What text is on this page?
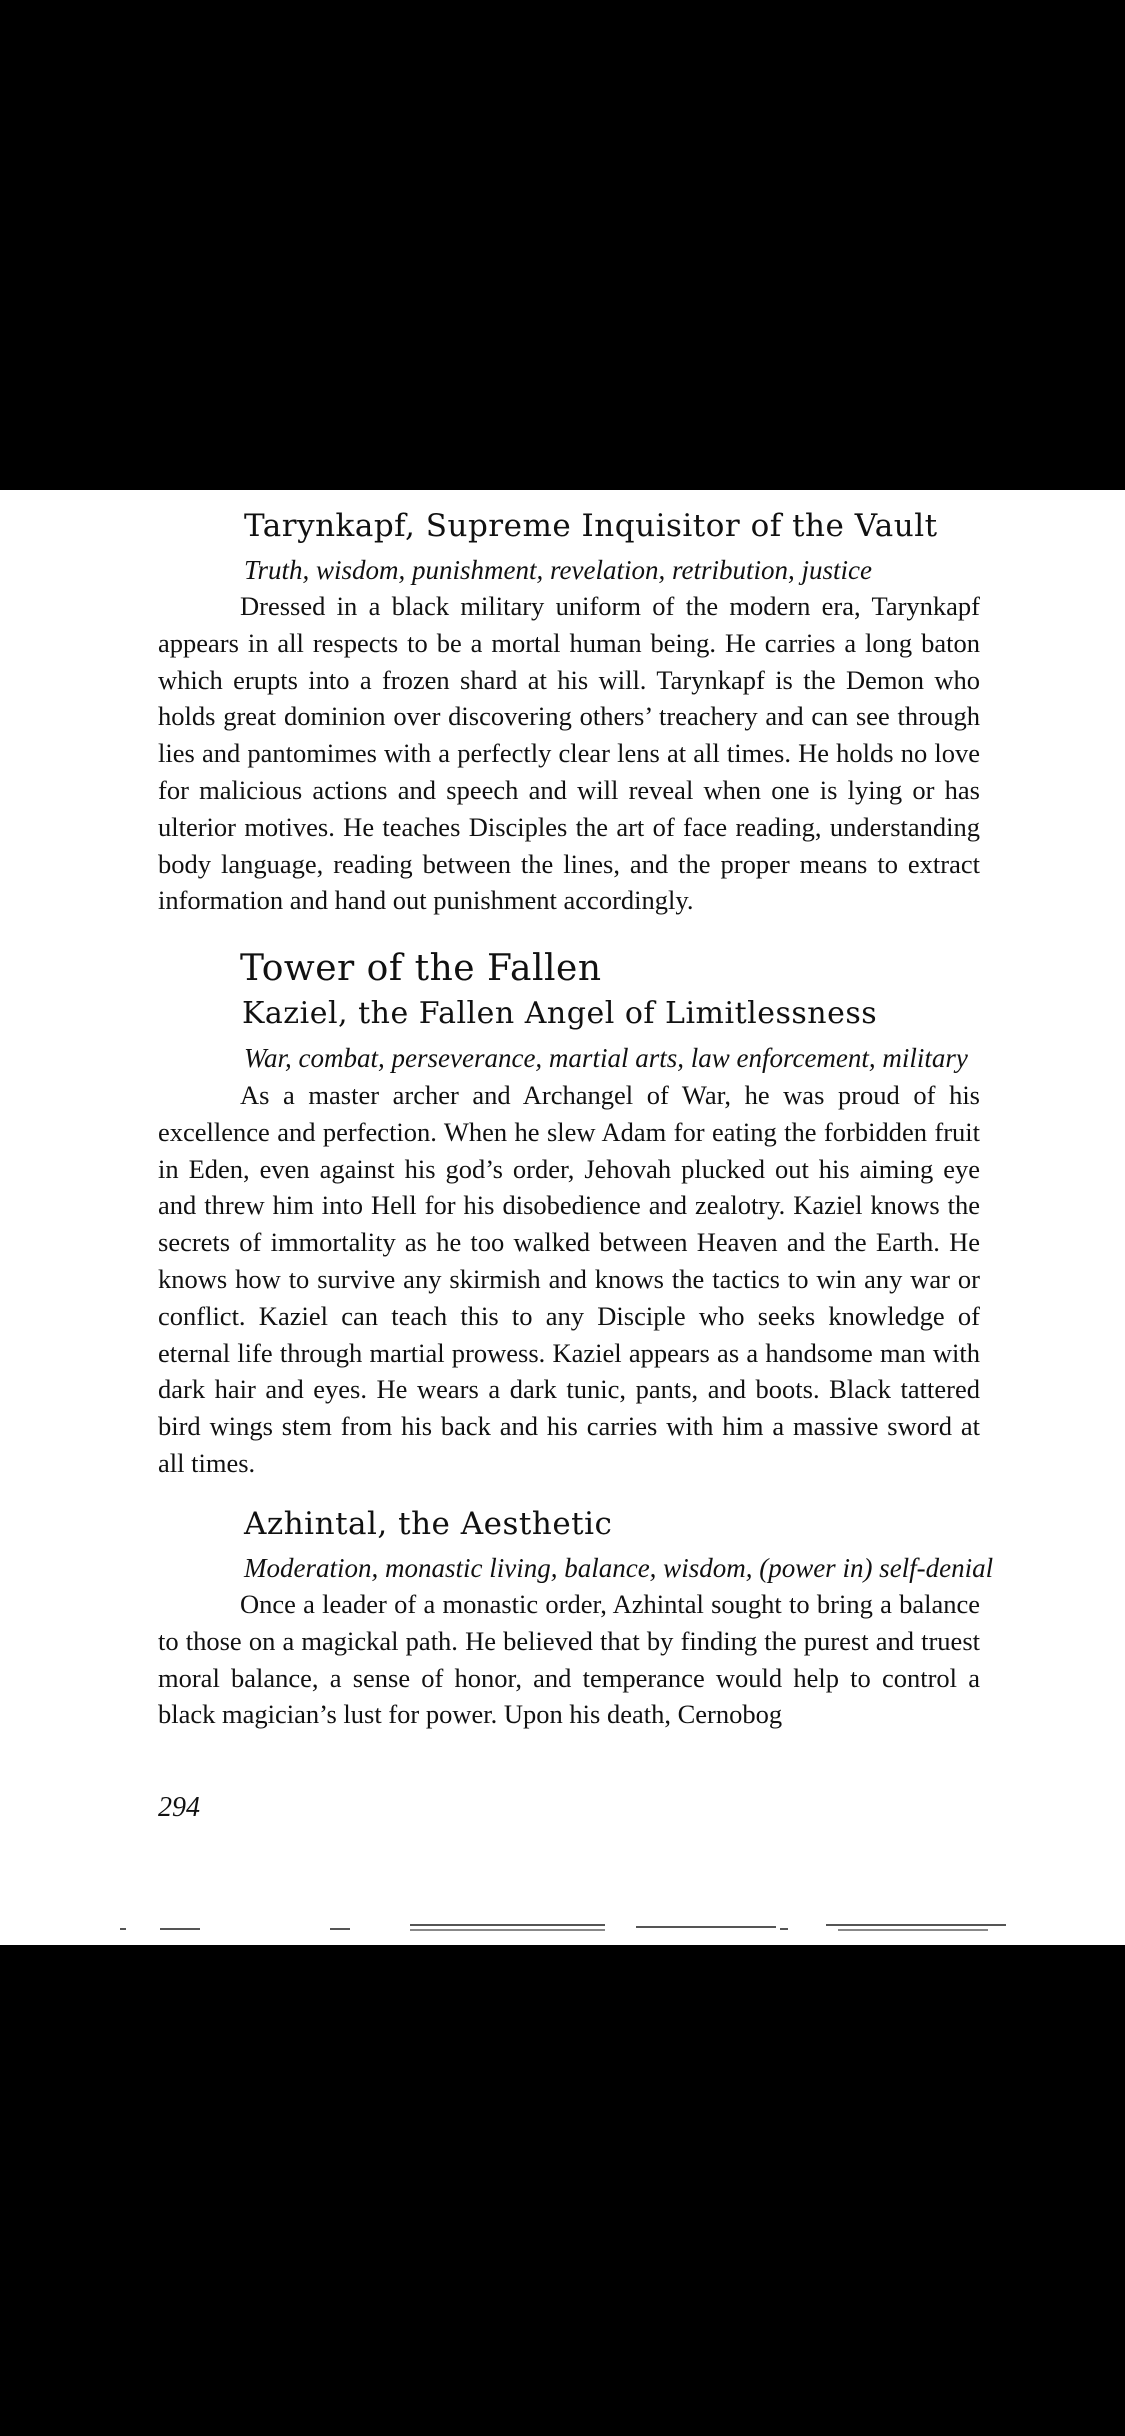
Tarynkapf, Supreme Inquisitor of the Vault
Truth, wisdom, punishment, revelation, retribution, justice

Dressed in a black military uniform of the modern era, Tarynkapf appears in all respects to be a mortal human being. He carries a long baton which erupts into a frozen shard at his will. Tarynkapf is the Demon who holds great dominion over discovering others’ treachery and can see through lies and pantomimes with a perfectly clear lens at all times. He holds no love for malicious actions and speech and will reveal when one is lying or has ulterior motives. He teaches Disciples the art of face reading, understanding body language, reading between the lines, and the proper means to extract information and hand out punishment accordingly.

Tower of the Fallen
Kaziel, the Fallen Angel of Limitlessness
War, combat, perseverance, martial arts, law enforcement, military

As a master archer and Archangel of War, he was proud of his excellence and perfection. When he slew Adam for eating the forbidden fruit in Eden, even against his god’s order, Jehovah plucked out his aiming eye and threw him into Hell for his disobedience and zealotry. Kaziel knows the secrets of immortality as he too walked between Heaven and the Earth. He knows how to survive any skirmish and knows the tactics to win any war or conflict. Kaziel can teach this to any Disciple who seeks knowledge of eternal life through martial prowess. Kaziel appears as a handsome man with dark hair and eyes. He wears a dark tunic, pants, and boots. Black tattered bird wings stem from his back and his carries with him a massive sword at all times.

Azhintal, the Aesthetic
Moderation, monastic living, balance, wisdom, (power in) self-denial

Once a leader of a monastic order, Azhintal sought to bring a balance to those on a magickal path. He believed that by finding the purest and truest moral balance, a sense of honor, and temperance would help to control a black magician’s lust for power. Upon his death, Cernobog

294
